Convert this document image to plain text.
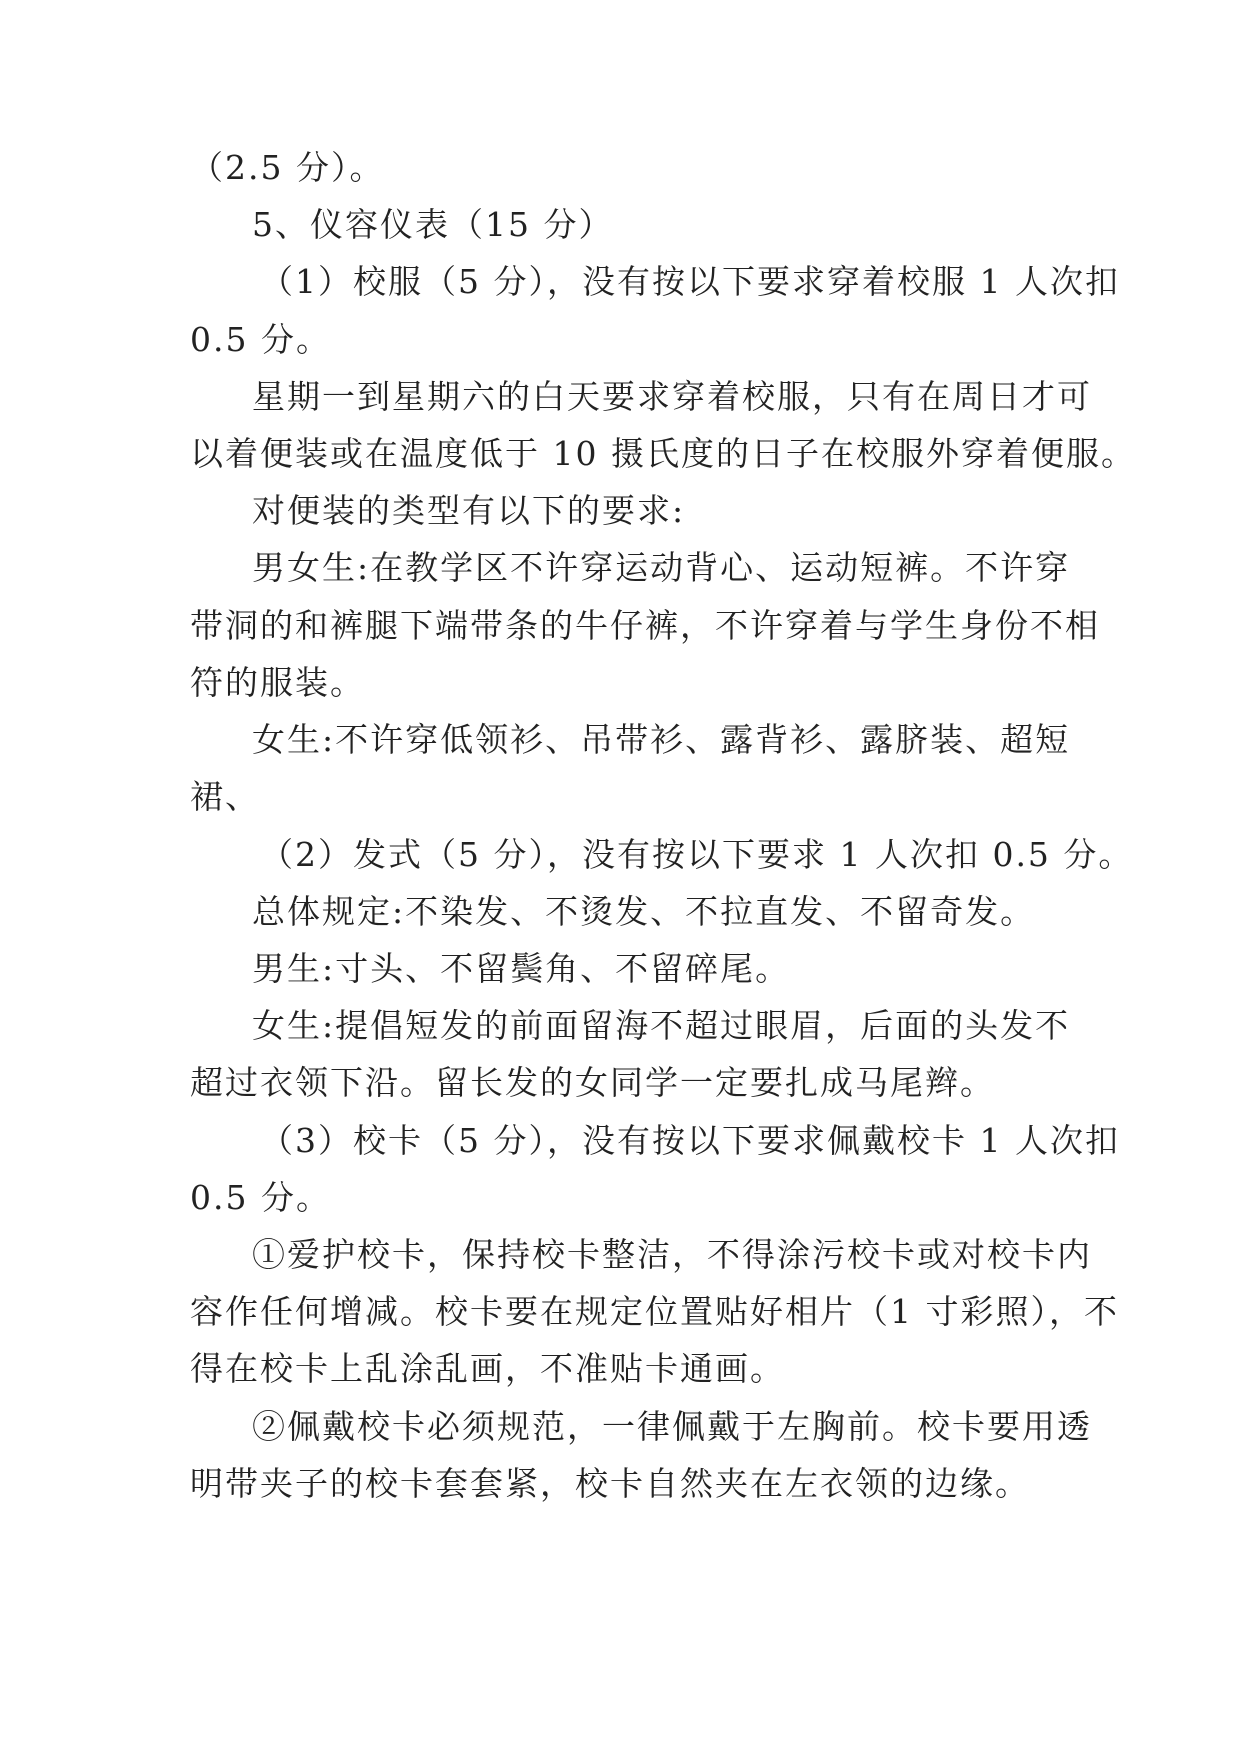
（2.5 分）。
5、仪容仪表（15 分）
（1）校服（5 分），没有按以下要求穿着校服 1 人次扣
0.5 分。
星期一到星期六的白天要求穿着校服，只有在周日才可
以着便装或在温度低于 10 摄氏度的日子在校服外穿着便服。
对便装的类型有以下的要求:
男女生:在教学区不许穿运动背心、运动短裤。不许穿
带洞的和裤腿下端带条的牛仔裤，不许穿着与学生身份不相
符的服装。
女生:不许穿低领衫、吊带衫、露背衫、露脐装、超短
裙、
（2）发式（5 分），没有按以下要求 1 人次扣 0.5 分。
总体规定:不染发、不烫发、不拉直发、不留奇发。
男生:寸头、不留鬓角、不留碎尾。
女生:提倡短发的前面留海不超过眼眉，后面的头发不
超过衣领下沿。留长发的女同学一定要扎成马尾辫。
（3）校卡（5 分），没有按以下要求佩戴校卡 1 人次扣
0.5 分。
①爱护校卡，保持校卡整洁，不得涂污校卡或对校卡内
容作任何增减。校卡要在规定位置贴好相片（1 寸彩照），不
得在校卡上乱涂乱画，不准贴卡通画。
②佩戴校卡必须规范，一律佩戴于左胸前。校卡要用透
明带夹子的校卡套套紧，校卡自然夹在左衣领的边缘。
